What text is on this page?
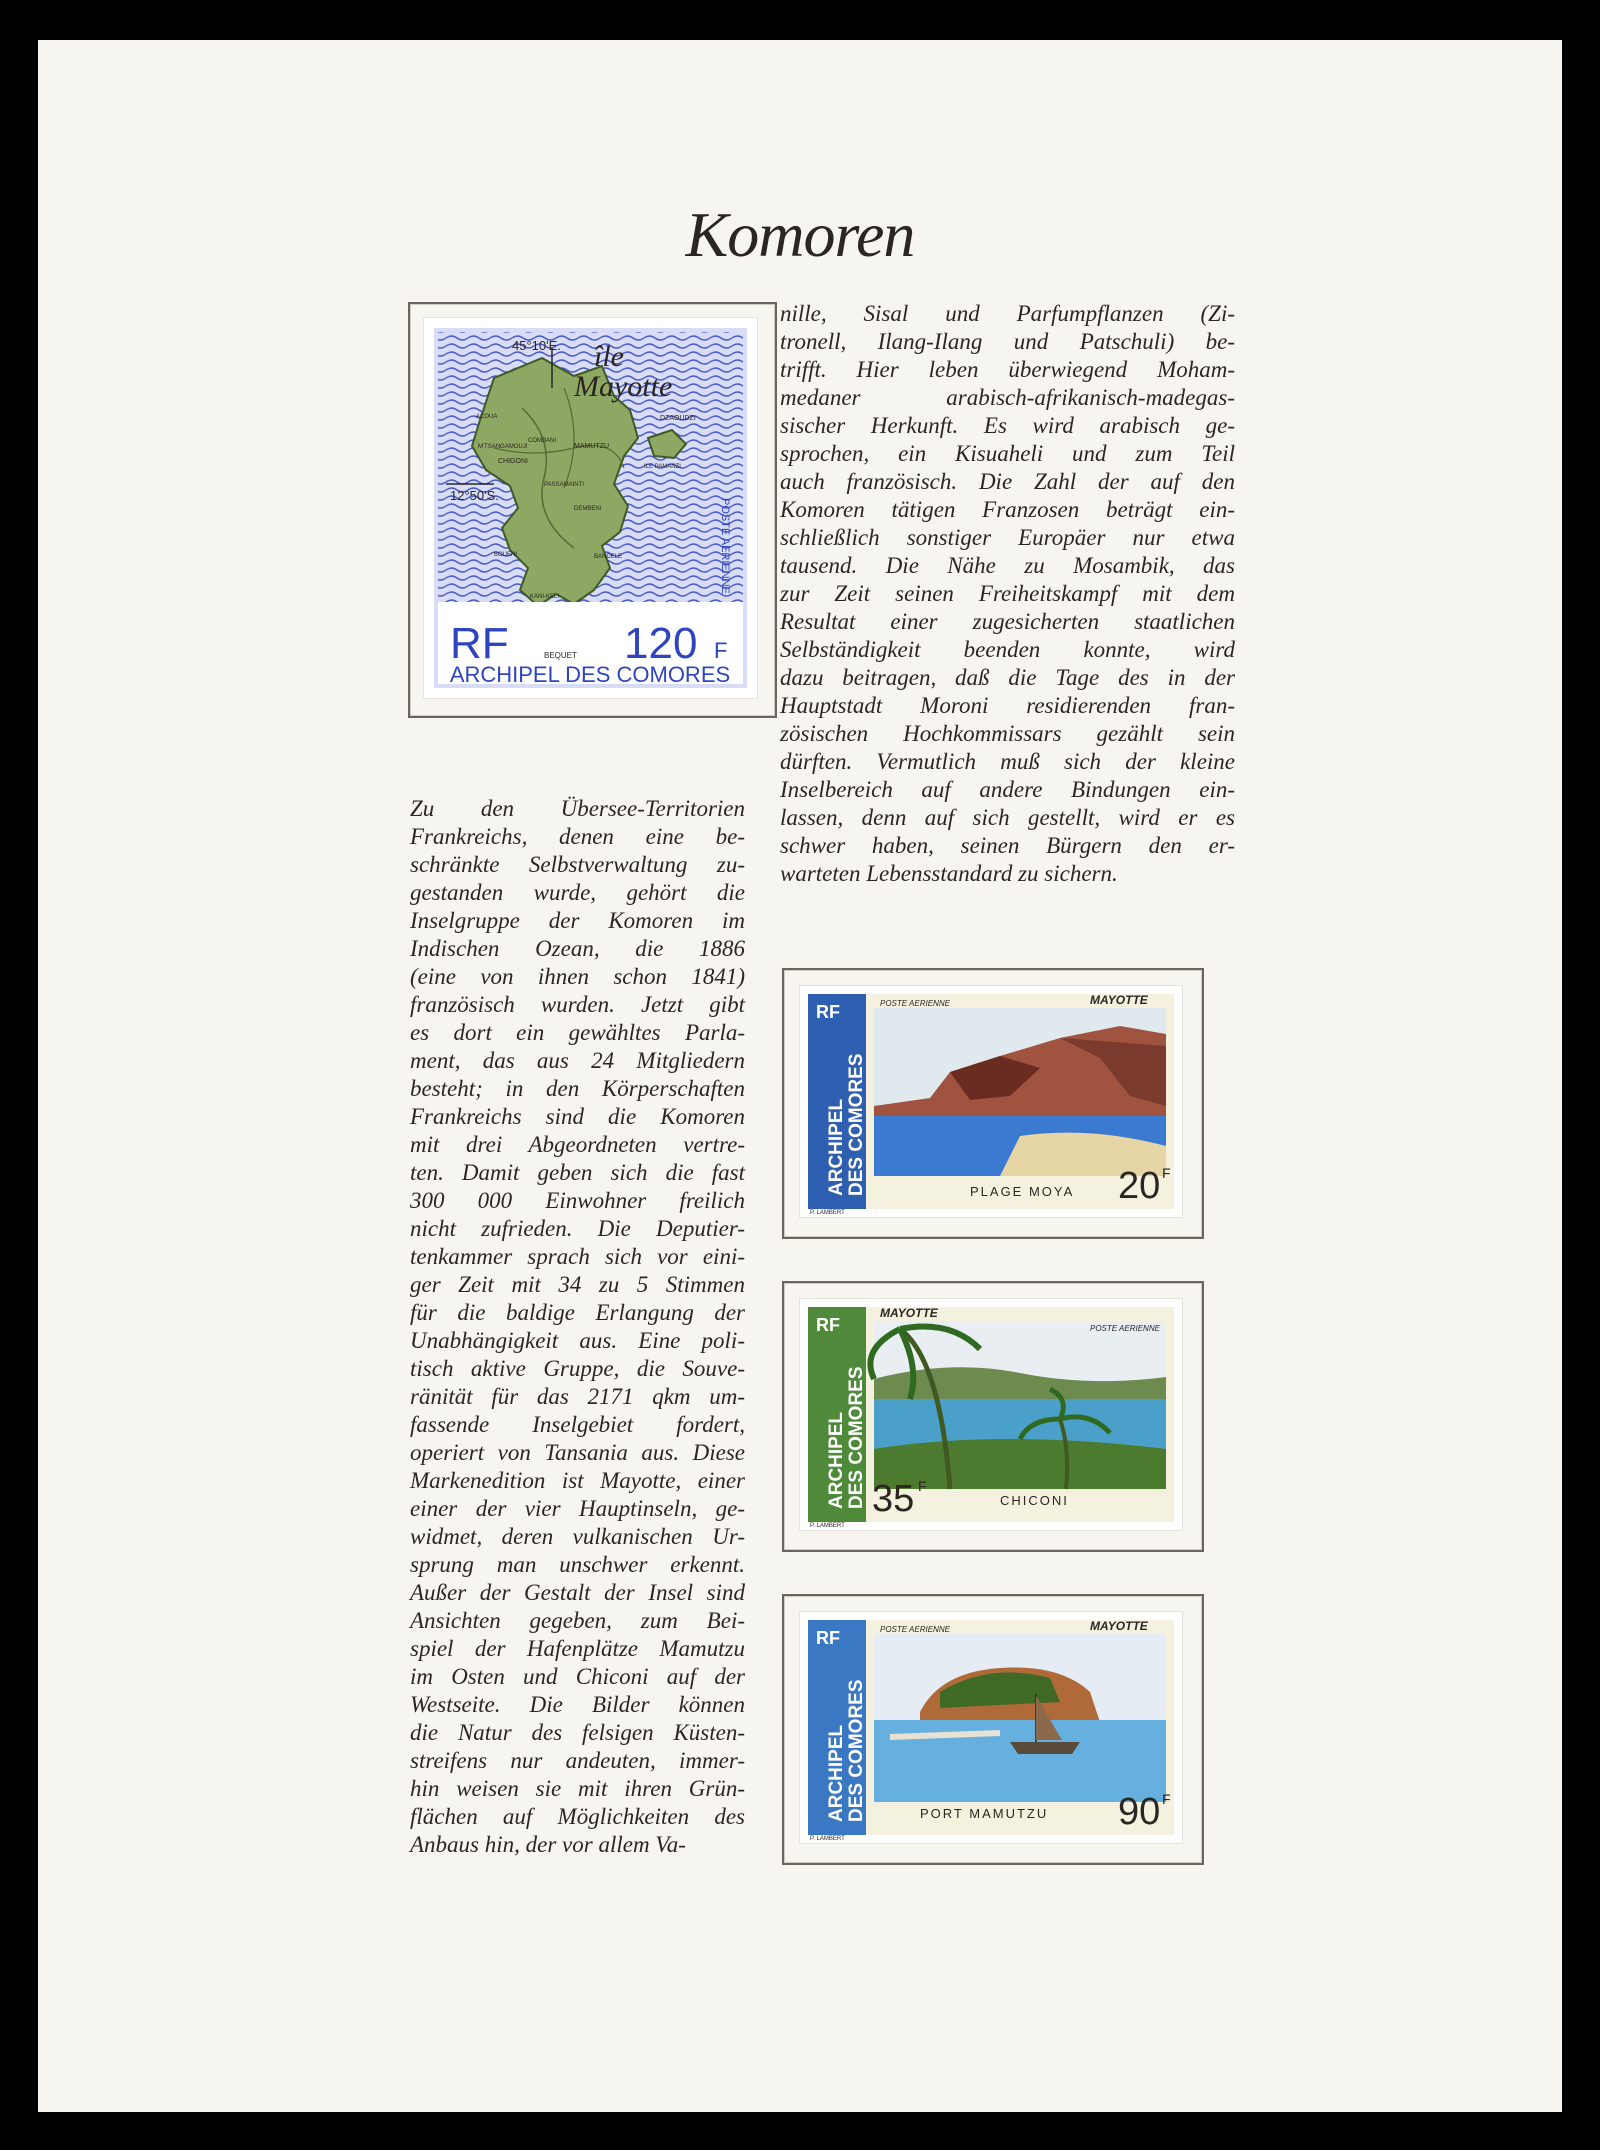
Komoren
45°10'E. île
Mayotte
12°50'S.
ACOUA
M'TSANGAMOUJI
CHIGONI
MAMUTZU
DZAOUDZI
ILE PAMANZI
BANDELE
BOUENI
KANI-KELI
PASSAMAINTI
COMBANI
DEMBENI	POSTE AERIENNE
RF	120 F
BEQUET
ARCHIPEL DES COMORES
RF
ARCHIPEL DES COMORES
POSTE AERIENNE	MAYOTTE
PLAGE MOYA 20 F
P. LAMBERT
RF
ARCHIPEL DES COMORES
MAYOTTE
POSTE AERIENNE
35 F
CHICONI
P. LAMBERT
RF
ARCHIPEL DES COMORES
POSTE AERIENNE	MAYOTTE
PORT MAMUTZU 90 F
P. LAMBERT
nille, Sisal und Parfumpflanzen (Zi-
tronell, Ilang-Ilang und Patschuli) be-
trifft. Hier leben überwiegend Moham-
medaner arabisch-afrikanisch-madegas-
sischer Herkunft. Es wird arabisch ge-
sprochen, ein Kisuaheli und zum Teil
auch französisch. Die Zahl der auf den
Komoren tätigen Franzosen beträgt ein-
schließlich sonstiger Europäer nur etwa
tausend. Die Nähe zu Mosambik, das
zur Zeit seinen Freiheitskampf mit dem
Resultat einer zugesicherten staatlichen
Selbständigkeit beenden konnte, wird
dazu beitragen, daß die Tage des in der
Hauptstadt Moroni residierenden fran-
zösischen Hochkommissars gezählt sein
dürften. Vermutlich muß sich der kleine
Inselbereich auf andere Bindungen ein-
lassen, denn auf sich gestellt, wird er es
schwer haben, seinen Bürgern den er-
warteten Lebensstandard zu sichern.
Zu den Übersee-Territorien
Frankreichs, denen eine be-
schränkte Selbstverwaltung zu-
gestanden wurde, gehört die
Inselgruppe der Komoren im
Indischen Ozean, die 1886
(eine von ihnen schon 1841)
französisch wurden. Jetzt gibt
es dort ein gewähltes Parla-
ment, das aus 24 Mitgliedern
besteht; in den Körperschaften
Frankreichs sind die Komoren
mit drei Abgeordneten vertre-
ten. Damit geben sich die fast
300 000 Einwohner freilich
nicht zufrieden. Die Deputier-
tenkammer sprach sich vor eini-
ger Zeit mit 34 zu 5 Stimmen
für die baldige Erlangung der
Unabhängigkeit aus. Eine poli-
tisch aktive Gruppe, die Souve-
ränität für das 2171 qkm um-
fassende Inselgebiet fordert,
operiert von Tansania aus. Diese
Markenedition ist Mayotte, einer
einer der vier Hauptinseln, ge-
widmet, deren vulkanischen Ur-
sprung man unschwer erkennt.
Außer der Gestalt der Insel sind
Ansichten gegeben, zum Bei-
spiel der Hafenplätze Mamutzu
im Osten und Chiconi auf der
Westseite. Die Bilder können
die Natur des felsigen Küsten-
streifens nur andeuten, immer-
hin weisen sie mit ihren Grün-
flächen auf Möglichkeiten des
Anbaus hin, der vor allem Va-
